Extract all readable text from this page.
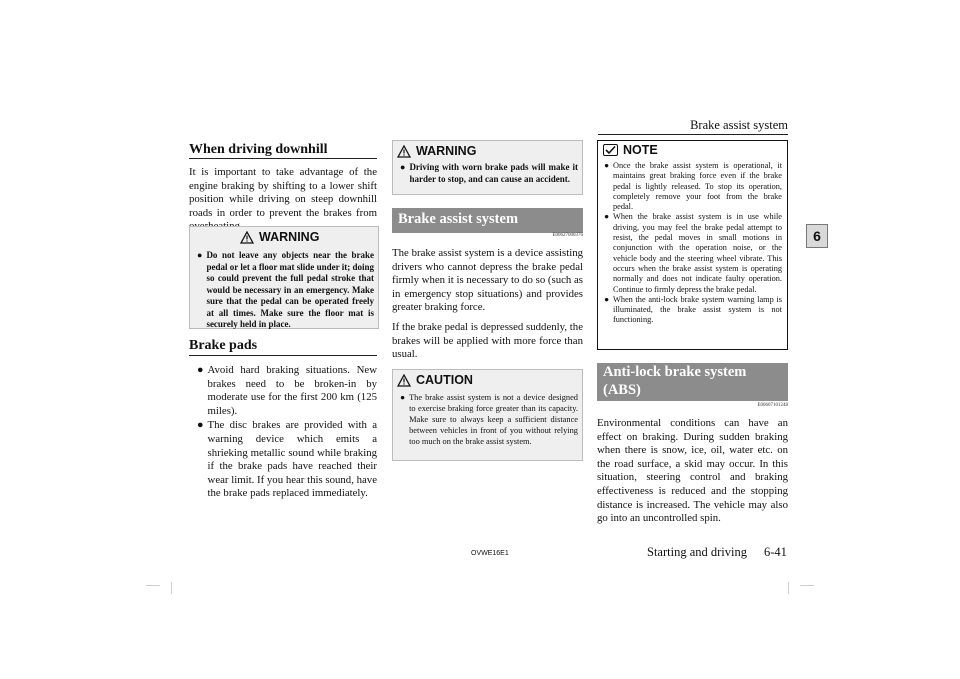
Brake assist system
6
When driving downhill
It is important to take advantage of the engine braking by shifting to a lower shift position while driving on steep downhill roads in order to prevent the brakes from
WARNING
● Do not leave any objects near the brake pedal or let a floor mat slide under it; doing so could prevent the full pedal stroke that would be necessary in an emergency. Make sure that the pedal can be operated freely at all times. Make sure the floor mat is securely held in place.
Brake pads
● Avoid hard braking situations. New brakes need to be broken-in by moderate use for the first 200 km (125 miles).
● The disc brakes are provided with a warning device which emits a shrieking metallic sound while braking if the brake pads have reached their wear limit. If you hear this sound, have the brake pads replaced immediately.
WARNING
● Driving with worn brake pads will make it harder to stop, and can cause an accident.
Brake assist system
E00627000376
The brake assist system is a device assisting drivers who cannot depress the brake pedal firmly when it is necessary to do so (such as in emergency stop situations) and provides greater braking force.
If the brake pedal is depressed suddenly, the brakes will be applied with more force than usual.
CAUTION
● The brake assist system is not a device designed to exercise braking force greater than its capacity. Make sure to always keep a sufficient distance between vehicles in front of you without relying too much on the brake assist system.
NOTE
● Once the brake assist system is operational, it maintains great braking force even if the brake pedal is lightly released. To stop its operation, completely remove your foot from the brake pedal.
● When the brake assist system is in use while driving, you may feel the brake pedal attempt to resist, the pedal moves in small motions in conjunction with the operation noise, or the vehicle body and the steering wheel vibrate. This occurs when the brake assist system is operating normally and does not indicate faulty operation. Continue to firmly depress the brake pedal.
● When the anti-lock brake system warning lamp is illuminated, the brake assist system is not functioning.
Anti-lock brake system (ABS)
E00607101248
Environmental conditions can have an effect on braking. During sudden braking when there is snow, ice, oil, water etc. on the road surface, a skid may occur. In this situation, steering control and braking effectiveness is reduced and the stopping distance is increased. The vehicle may also go into an uncontrolled spin.
OVWE16E1	Starting and driving 6-41
